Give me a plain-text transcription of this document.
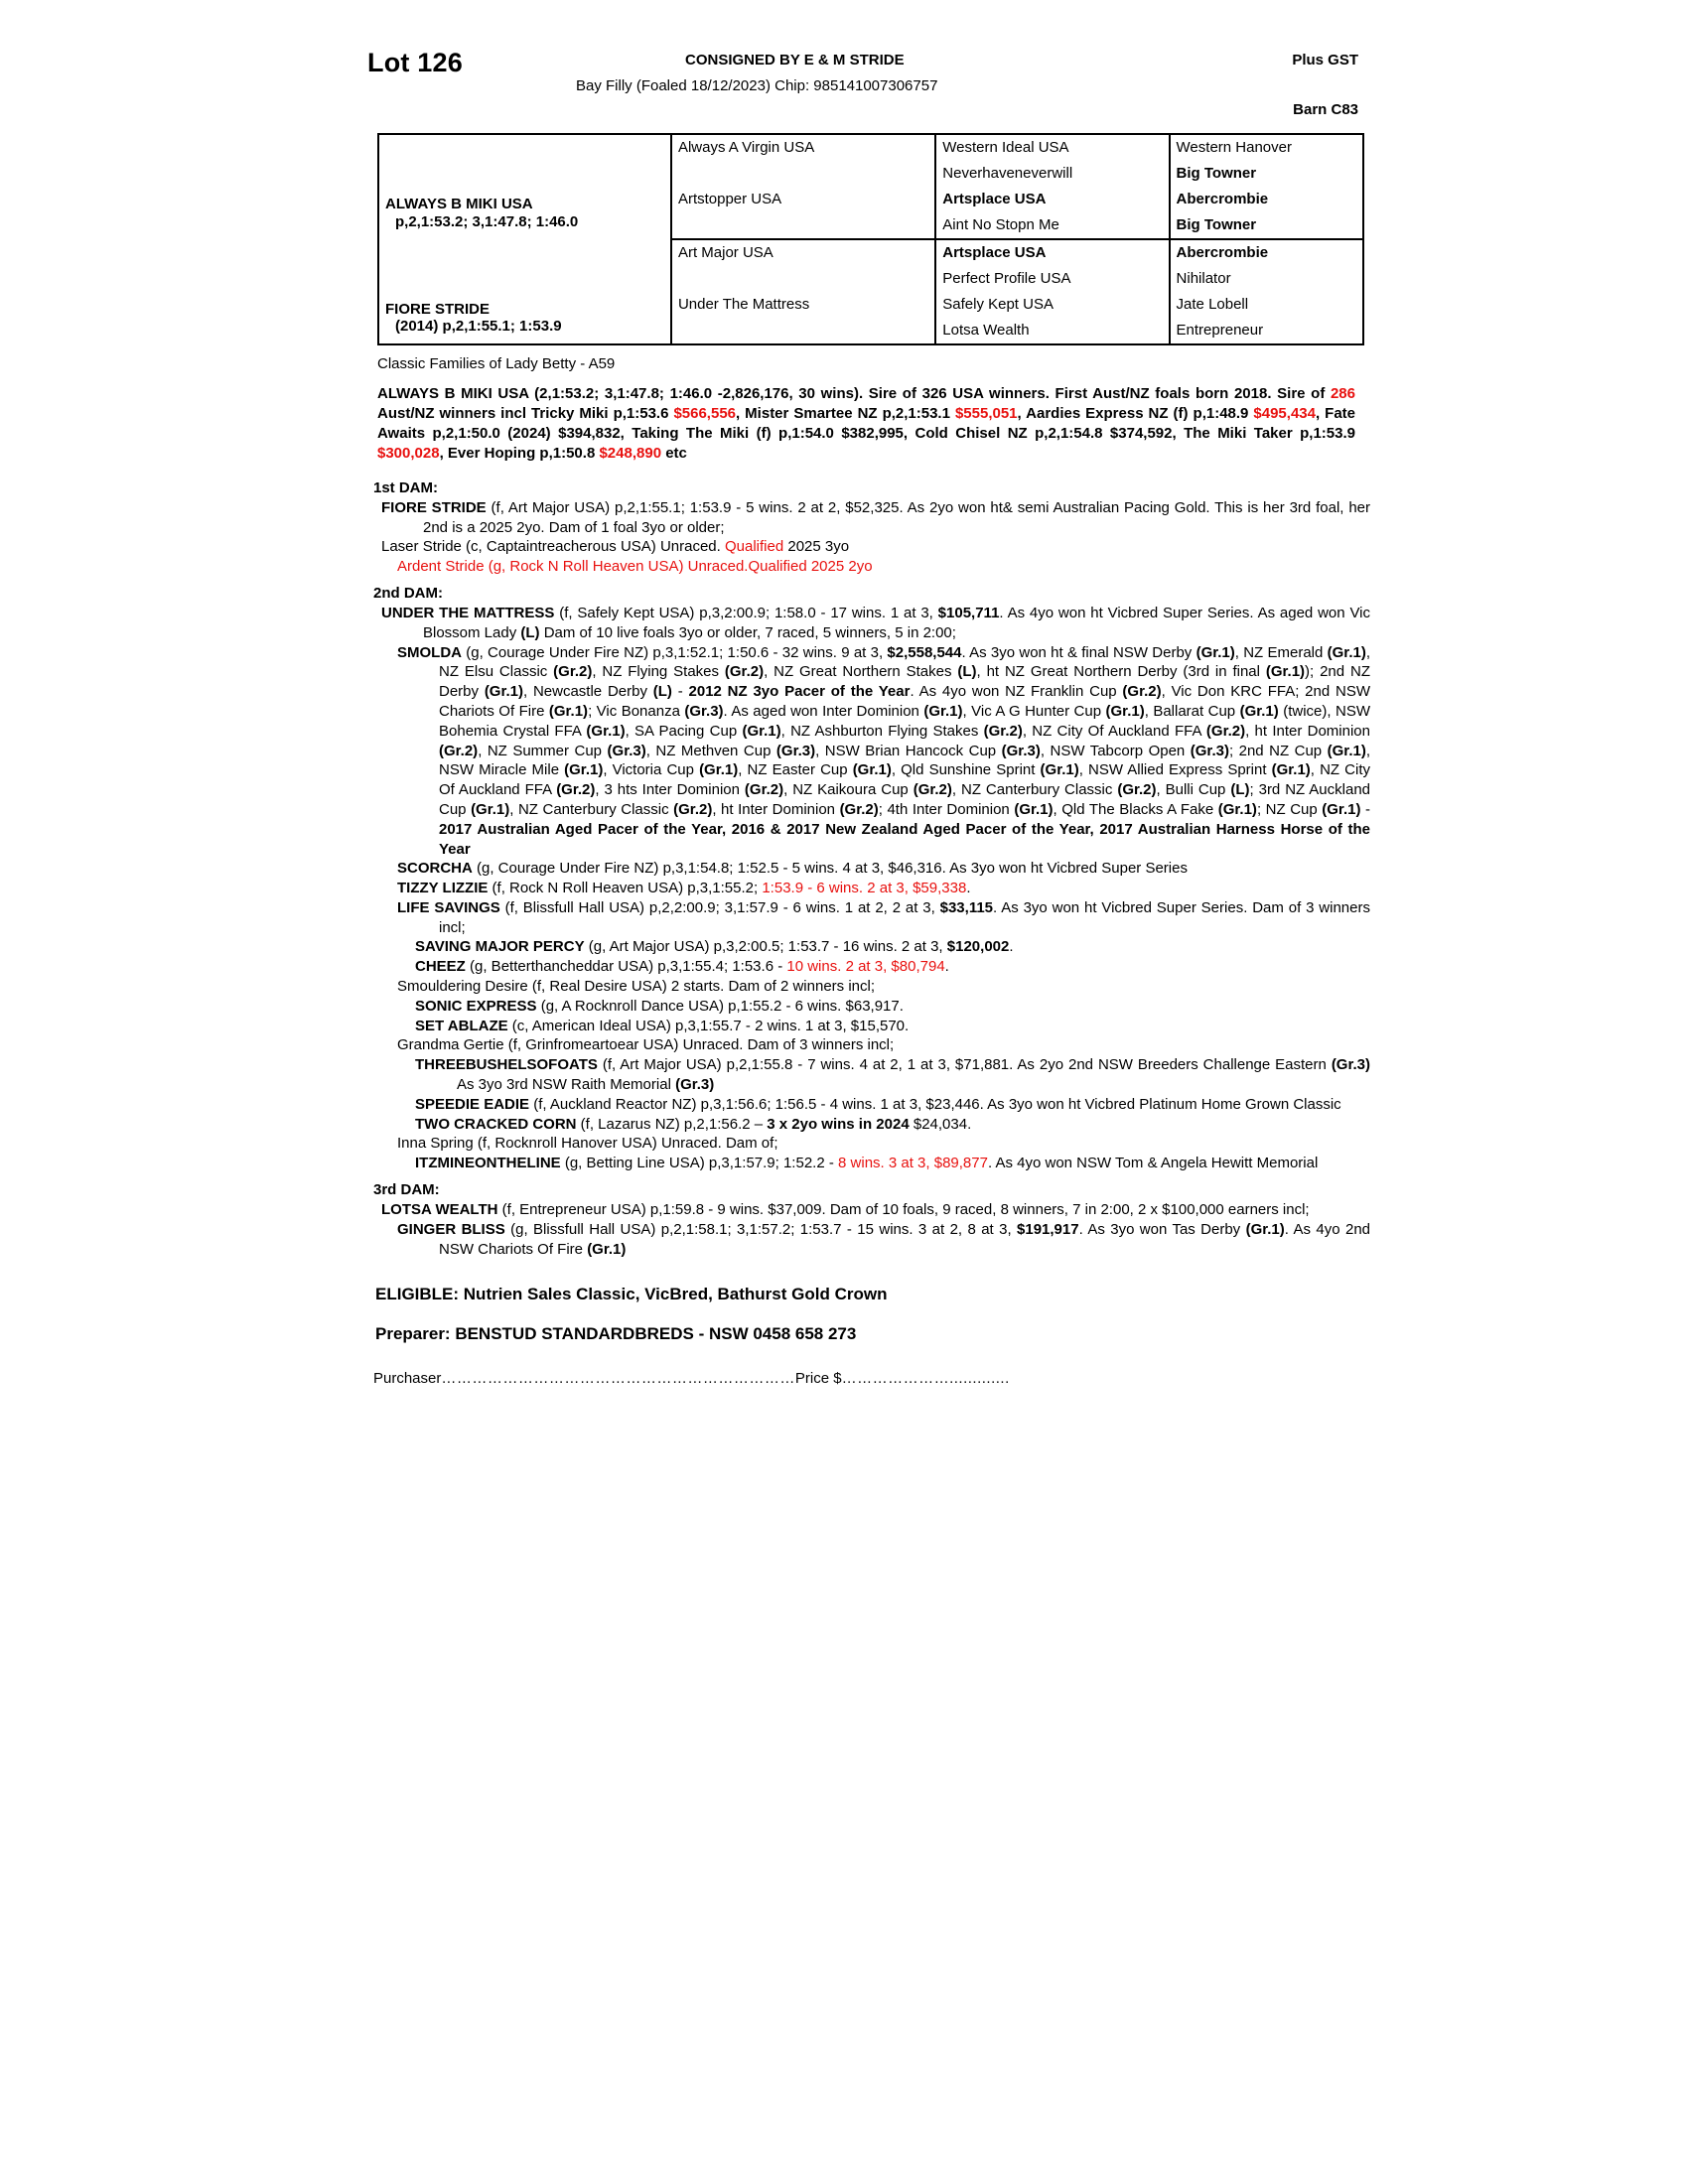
Lot 126	CONSIGNED BY E & M STRIDE
Bay Filly (Foaled 18/12/2023) Chip: 985141007306757
Plus GST
Barn C83
	Always A Virgin USA	Western Ideal USA	Western Hanover
		Neverhaveneverwill	Big Towner

ALWAYS B MIKI USA
p,2,1:53.2; 3,1:47.8; 1:46.0	Artstopper USA	Artsplace USA	Abercrombie
		Aint No Stopn Me	Big Towner
	Art Major USA	Artsplace USA	Abercrombie
		Perfect Profile USA	Nihilator

FIORE STRIDE
(2014) p,2,1:55.1; 1:53.9	Under The Mattress	Safely Kept USA	Jate Lobell
		Lotsa Wealth	Entrepreneur
Classic Families of Lady Betty - A59
ALWAYS B MIKI USA (2,1:53.2; 3,1:47.8; 1:46.0 -2,826,176, 30 wins). Sire of 326 USA winners. First Aust/NZ foals born 2018. Sire of 286 Aust/NZ winners incl Tricky Miki p,1:53.6 $566,556, Mister Smartee NZ p,2,1:53.1 $555,051, Aardies Express NZ (f) p,1:48.9 $495,434, Fate Awaits p,2,1:50.0 (2024) $394,832, Taking The Miki (f) p,1:54.0 $382,995, Cold Chisel NZ p,2,1:54.8 $374,592, The Miki Taker p,1:53.9 $300,028, Ever Hoping p,1:50.8 $248,890 etc
1st DAM:
FIORE STRIDE (f, Art Major USA) p,2,1:55.1; 1:53.9 - 5 wins. 2 at 2, $52,325. As 2yo won ht& semi Australian Pacing Gold. This is her 3rd foal, her 2nd is a 2025 2yo. Dam of 1 foal 3yo or older;
Laser Stride (c, Captaintreacherous USA) Unraced. Qualified 2025 3yo
Ardent Stride (g, Rock N Roll Heaven USA) Unraced.Qualified 2025 2yo
2nd DAM:
UNDER THE MATTRESS (f, Safely Kept USA) p,3,2:00.9; 1:58.0 - 17 wins. 1 at 3, $105,711. As 4yo won ht Vicbred Super Series. As aged won Vic Blossom Lady (L) Dam of 10 live foals 3yo or older, 7 raced, 5 winners, 5 in 2:00;
SMOLDA (g, Courage Under Fire NZ) p,3,1:52.1; 1:50.6 - 32 wins. 9 at 3, $2,558,544. As 3yo won ht & final NSW Derby (Gr.1), NZ Emerald (Gr.1), NZ Elsu Classic (Gr.2), NZ Flying Stakes (Gr.2), NZ Great Northern Stakes (L), ht NZ Great Northern Derby (3rd in final (Gr.1)); 2nd NZ Derby (Gr.1), Newcastle Derby (L) - 2012 NZ 3yo Pacer of the Year. As 4yo won NZ Franklin Cup (Gr.2), Vic Don KRC FFA; 2nd NSW Chariots Of Fire (Gr.1); Vic Bonanza (Gr.3). As aged won Inter Dominion (Gr.1), Vic A G Hunter Cup (Gr.1), Ballarat Cup (Gr.1) (twice), NSW Bohemia Crystal FFA (Gr.1), SA Pacing Cup (Gr.1), NZ Ashburton Flying Stakes (Gr.2), NZ City Of Auckland FFA (Gr.2), ht Inter Dominion (Gr.2), NZ Summer Cup (Gr.3), NZ Methven Cup (Gr.3), NSW Brian Hancock Cup (Gr.3), NSW Tabcorp Open (Gr.3); 2nd NZ Cup (Gr.1), NSW Miracle Mile (Gr.1), Victoria Cup (Gr.1), NZ Easter Cup (Gr.1), Qld Sunshine Sprint (Gr.1), NSW Allied Express Sprint (Gr.1), NZ City Of Auckland FFA (Gr.2), 3 hts Inter Dominion (Gr.2), NZ Kaikoura Cup (Gr.2), NZ Canterbury Classic (Gr.2), Bulli Cup (L); 3rd NZ Auckland Cup (Gr.1), NZ Canterbury Classic (Gr.2), ht Inter Dominion (Gr.2); 4th Inter Dominion (Gr.1), Qld The Blacks A Fake (Gr.1); NZ Cup (Gr.1) - 2017 Australian Aged Pacer of the Year, 2016 & 2017 New Zealand Aged Pacer of the Year, 2017 Australian Harness Horse of the Year
SCORCHA (g, Courage Under Fire NZ) p,3,1:54.8; 1:52.5 - 5 wins. 4 at 3, $46,316. As 3yo won ht Vicbred Super Series
TIZZY LIZZIE (f, Rock N Roll Heaven USA) p,3,1:55.2; 1:53.9 - 6 wins. 2 at 3, $59,338.
LIFE SAVINGS (f, Blissfull Hall USA) p,2,2:00.9; 3,1:57.9 - 6 wins. 1 at 2, 2 at 3, $33,115. As 3yo won ht Vicbred Super Series. Dam of 3 winners incl;
SAVING MAJOR PERCY (g, Art Major USA) p,3,2:00.5; 1:53.7 - 16 wins. 2 at 3, $120,002.
CHEEZ (g, Betterthancheddar USA) p,3,1:55.4; 1:53.6 - 10 wins. 2 at 3, $80,794.
Smouldering Desire (f, Real Desire USA) 2 starts. Dam of 2 winners incl;
SONIC EXPRESS (g, A Rocknroll Dance USA) p,1:55.2 - 6 wins. $63,917.
SET ABLAZE (c, American Ideal USA) p,3,1:55.7 - 2 wins. 1 at 3, $15,570.
Grandma Gertie (f, Grinfromeartoear USA) Unraced. Dam of 3 winners incl;
THREEBUSHELSOFOATS (f, Art Major USA) p,2,1:55.8 - 7 wins. 4 at 2, 1 at 3, $71,881. As 2yo 2nd NSW Breeders Challenge Eastern (Gr.3) As 3yo 3rd NSW Raith Memorial (Gr.3)
SPEEDIE EADIE (f, Auckland Reactor NZ) p,3,1:56.6; 1:56.5 - 4 wins. 1 at 3, $23,446. As 3yo won ht Vicbred Platinum Home Grown Classic
TWO CRACKED CORN (f, Lazarus NZ) p,2,1:56.2 – 3 x 2yo wins in 2024 $24,034.
Inna Spring (f, Rocknroll Hanover USA) Unraced. Dam of;
ITZMINEONTHELINE (g, Betting Line USA) p,3,1:57.9; 1:52.2 - 8 wins. 3 at 3, $89,877. As 4yo won NSW Tom & Angela Hewitt Memorial
3rd DAM:
LOTSA WEALTH (f, Entrepreneur USA) p,1:59.8 - 9 wins. $37,009. Dam of 10 foals, 9 raced, 8 winners, 7 in 2:00, 2 x $100,000 earners incl;
GINGER BLISS (g, Blissfull Hall USA) p,2,1:58.1; 3,1:57.2; 1:53.7 - 15 wins. 3 at 2, 8 at 3, $191,917. As 3yo won Tas Derby (Gr.1). As 4yo 2nd NSW Chariots Of Fire (Gr.1)
ELIGIBLE: Nutrien Sales Classic, VicBred, Bathurst Gold Crown
Preparer: BENSTUD STANDARDBREDS - NSW 0458 658 273
Purchaser……………………………………………………………Price $………………….............
